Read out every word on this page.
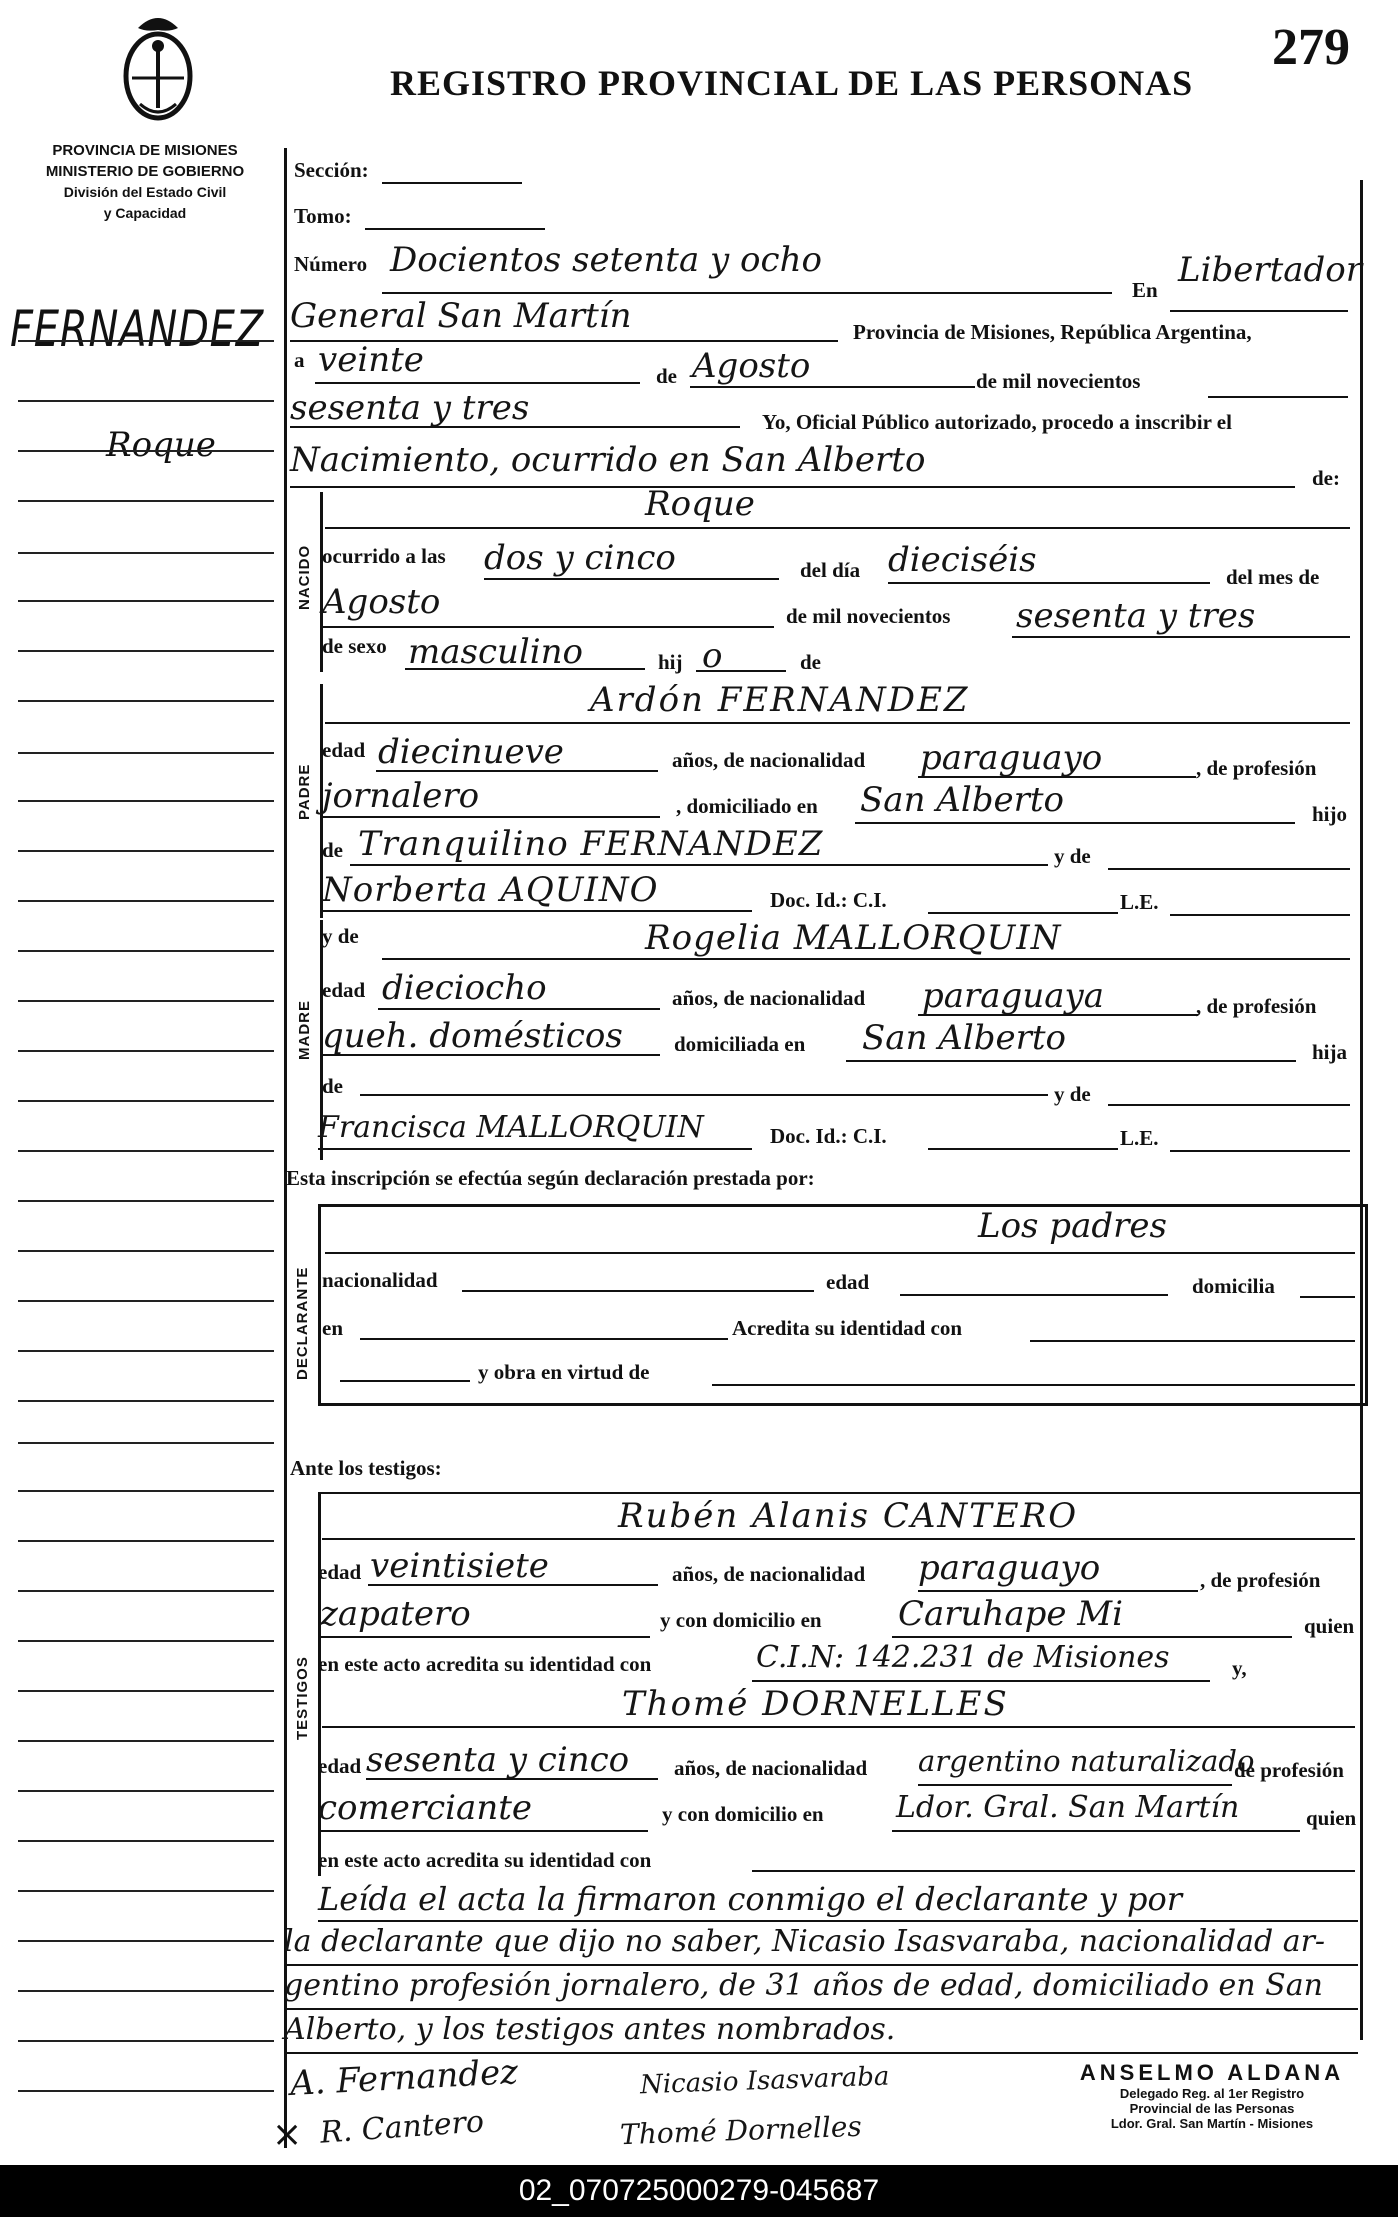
PROVINCIA DE MISIONES
MINISTERIO DE GOBIERNO
División del Estado Civil
y Capacidad
REGISTRO PROVINCIAL DE LAS PERSONAS
279
FERNANDEZ
Roque
Sección:
Tomo:
Número Docientos setenta y ocho
En Libertador
General San Martín	Provincia de Misiones, República Argentina,
a veinte	de Agosto	de mil novecientos
sesenta y tres	Yo, Oficial Público autorizado, procedo a inscribir el
Nacimiento, ocurrido en San Alberto	de:
NACIDO
Roque
ocurrido a las dos y cinco	del día dieciséis	del mes de
Agosto	de mil novecientos sesenta y tres
de sexo masculino	hij o	de
PADRE
Ardón FERNANDEZ
edad diecinueve	años, de nacionalidad paraguayo	, de profesión
jornalero	, domiciliado en San Alberto	hijo
de Tranquilino FERNANDEZ	y de
Norberta AQUINO	Doc. Id.: C.I.	L.E.
MADRE
y de	Rogelia MALLORQUIN
edad dieciocho	años, de nacionalidad paraguaya	, de profesión
queh. domésticos domiciliada en San Alberto	hija
de	y de
Francisca MALLORQUIN	Doc. Id.: C.I.	L.E.
Esta inscripción se efectúa según declaración prestada por:
DECLARANTE
Los padres
nacionalidad	edad	domicilia
en	Acredita su identidad con
y obra en virtud de
Ante los testigos:
TESTIGOS
Rubén Alanis CANTERO
edad veintisiete	años, de nacionalidad paraguayo	, de profesión
zapatero	y con domicilio en Caruhape Mi	quien
en este acto acredita su identidad con	C.I.N: 142.231 de Misiones	y,
Thomé DORNELLES
edad sesenta y cinco años, de nacionalidad argentino naturalizado
de profesión
comerciante	y con domicilio en Ldor. Gral. San Martín	quien
en este acto acredita su identidad con
Leída el acta la firmaron conmigo el declarante y por
la declarante que dijo no saber, Nicasio Isasvaraba, nacionalidad ar-
gentino profesión jornalero, de 31 años de edad, domiciliado en San
Alberto, y los testigos antes nombrados.
A. Fernandez	Nicasio Isasvaraba
× R. Cantero	Thomé Dornelles
ANSELMO ALDANA
Delegado Reg. al 1er Registro
Provincial de las Personas
Ldor. Gral. San Martín - Misiones
02_070725000279-045687
